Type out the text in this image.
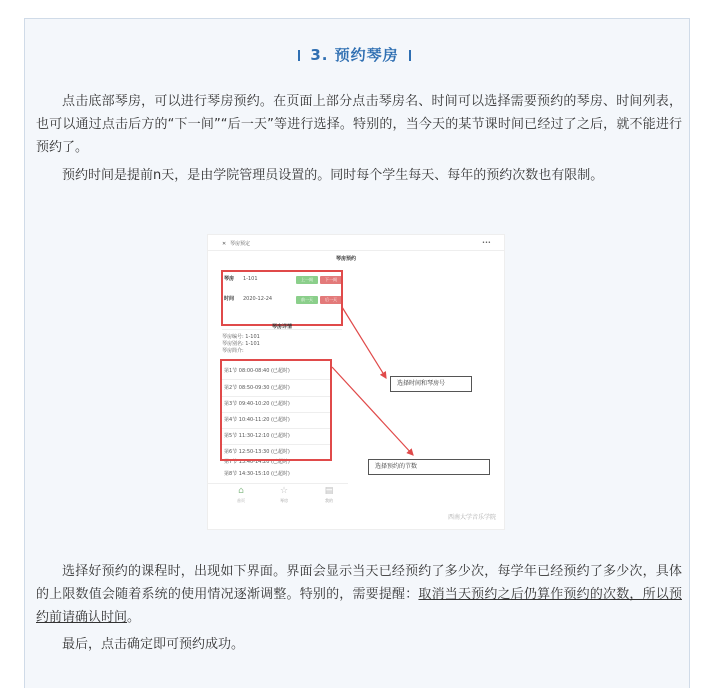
3. 预约琴房

点击底部琴房，可以进行琴房预约。在页面上部分点击琴房名、时间可以选择需要预约的琴房、时间列表，也可以通过点击后方的“下一间”“后一天”等进行选择。特别的，当今天的某节课时间已经过了之后，就不能进行预约了。

预约时间是提前n天，是由学院管理员设置的。同时每个学生每天、每年的预约次数也有限制。

✕ 琴房预定	•••
琴房预约
琴房 1-101	上一间	下一间
时间 2020-12-24	前一天	后一天
琴房详情
琴房编号: 1-101
琴房别名: 1-101
琴房简介:
第1节 08:00-08:40 (已超时)
第2节 08:50-09:30 (已超时)
第3节 09:40-10:20 (已超时)
第4节 10:40-11:20 (已超时)
第5节 11:30-12:10 (已超时)
第6节 12:50-13:30 (已超时)
第7节 13:40-14:20 (已超时)
第8节 14:30-15:10 (已超时)
⌂
首页
☆
琴房
▤
我的
选择时间和琴房号
选择预约的节数
西南大学音乐学院

选择好预约的课程时，出现如下界面。界面会显示当天已经预约了多少次，每学年已经预约了多少次，具体的上限数值会随着系统的使用情况逐渐调整。特别的，需要提醒：取消当天预约之后仍算作预约的次数，所以预约前请确认时间。

最后，点击确定即可预约成功。
